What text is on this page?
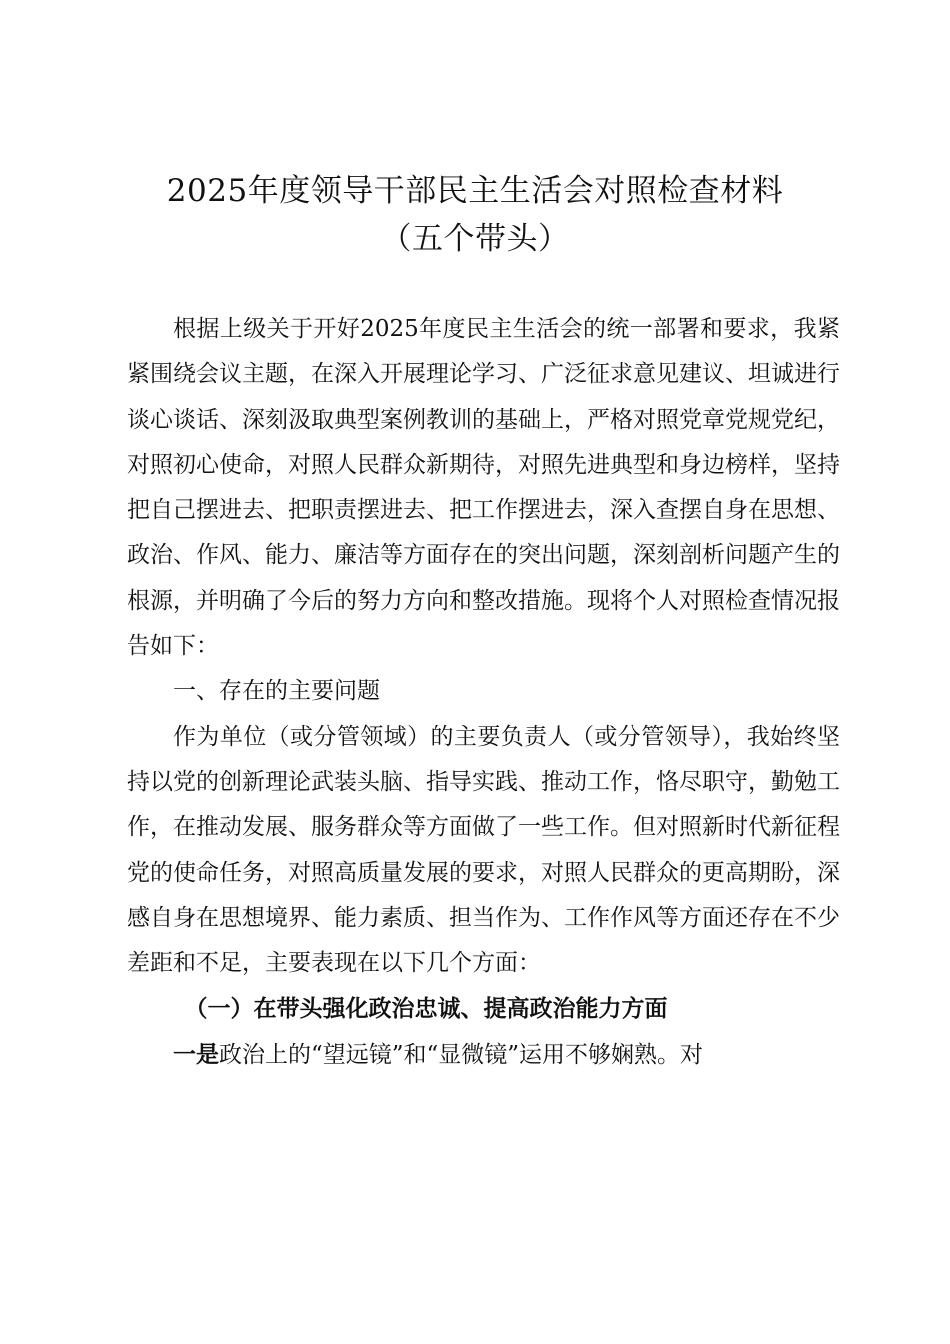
2025年度领导干部民主生活会对照检查材料
（五个带头）

根据上级关于开好2025年度民主生活会的统一部署和要求，我紧紧围绕会议主题，在深入开展理论学习、广泛征求意见建议、坦诚进行谈心谈话、深刻汲取典型案例教训的基础上，严格对照党章党规党纪，对照初心使命，对照人民群众新期待，对照先进典型和身边榜样，坚持把自己摆进去、把职责摆进去、把工作摆进去，深入查摆自身在思想、政治、作风、能力、廉洁等方面存在的突出问题，深刻剖析问题产生的根源，并明确了今后的努力方向和整改措施。现将个人对照检查情况报告如下：

一、存在的主要问题

作为单位（或分管领域）的主要负责人（或分管领导），我始终坚持以党的创新理论武装头脑、指导实践、推动工作，恪尽职守，勤勉工作，在推动发展、服务群众等方面做了一些工作。但对照新时代新征程党的使命任务，对照高质量发展的要求，对照人民群众的更高期盼，深感自身在思想境界、能力素质、担当作为、工作作风等方面还存在不少差距和不足，主要表现在以下几个方面：

（一）在带头强化政治忠诚、提高政治能力方面

一是政治上的“望远镜”和“显微镜”运用不够娴熟。对
